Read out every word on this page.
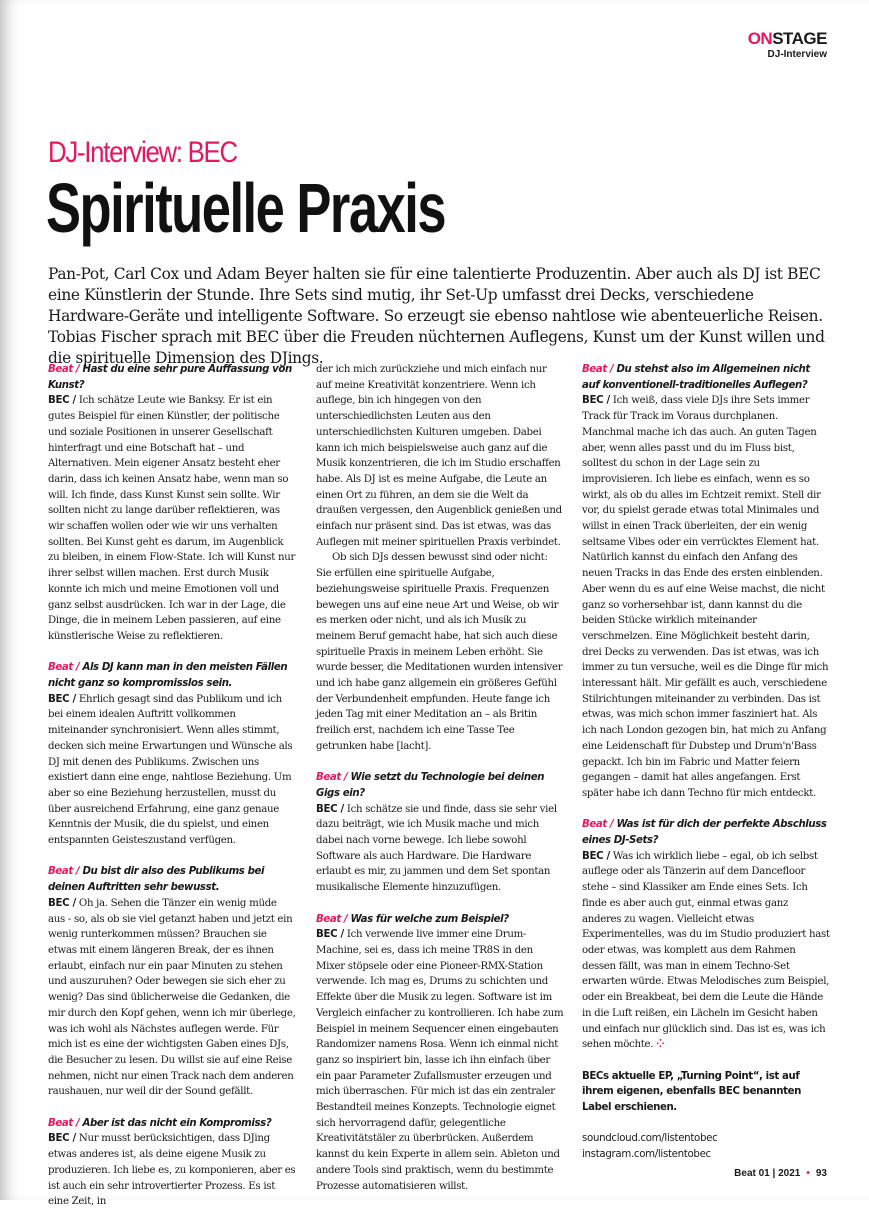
ONSTAGE
DJ-Interview
DJ-Interview: BEC
Spirituelle Praxis

Pan-Pot, Carl Cox und Adam Beyer halten sie für eine talentierte Produzentin. Aber auch als DJ ist BEC eine Künstlerin der Stunde. Ihre Sets sind mutig, ihr Set-Up umfasst drei Decks, verschiedene Hardware-Geräte und intelligente Software. So erzeugt sie ebenso nahtlose wie abenteuerliche Reisen. Tobias Fischer sprach mit BEC über die Freuden nüchternen Auflegens, Kunst um der Kunst willen und die spirituelle Dimension des DJings.

Beat / Hast du eine sehr pure Auffassung von Kunst?

BEC / Ich schätze Leute wie Banksy. Er ist ein gutes Beispiel für einen Künstler, der politische und soziale Positionen in unserer Gesellschaft hinterfragt und eine Botschaft hat – und Alternativen. Mein eigener Ansatz besteht eher darin, dass ich keinen Ansatz habe, wenn man so will. Ich finde, dass Kunst Kunst sein sollte. Wir sollten nicht zu lange darüber reflektieren, was wir schaffen wollen oder wie wir uns verhalten sollten. Bei Kunst geht es darum, im Augenblick zu bleiben, in einem Flow-State. Ich will Kunst nur ihrer selbst willen machen. Erst durch Musik konnte ich mich und meine Emotionen voll und ganz selbst ausdrücken. Ich war in der Lage, die Dinge, die in meinem Leben passieren, auf eine künstlerische Weise zu reflektieren.

Beat / Als DJ kann man in den meisten Fällen nicht ganz so kompromisslos sein.

BEC / Ehrlich gesagt sind das Publikum und ich bei einem idealen Auftritt vollkommen miteinander synchronisiert. Wenn alles stimmt, decken sich meine Erwartungen und Wünsche als DJ mit denen des Publikums. Zwischen uns existiert dann eine enge, nahtlose Beziehung. Um aber so eine Beziehung herzustellen, musst du über ausreichend Erfahrung, eine ganz genaue Kenntnis der Musik, die du spielst, und einen entspannten Geisteszustand verfügen.

Beat / Du bist dir also des Publikums bei deinen Auftritten sehr bewusst.

BEC / Oh ja. Sehen die Tänzer ein wenig müde aus - so, als ob sie viel getanzt haben und jetzt ein wenig runterkommen müssen? Brauchen sie etwas mit einem längeren Break, der es ihnen erlaubt, einfach nur ein paar Minuten zu stehen und auszuruhen? Oder bewegen sie sich eher zu wenig? Das sind üblicherweise die Gedanken, die mir durch den Kopf gehen, wenn ich mir überlege, was ich wohl als Nächstes auflegen werde. Für mich ist es eine der wichtigsten Gaben eines DJs, die Besucher zu lesen. Du willst sie auf eine Reise nehmen, nicht nur einen Track nach dem anderen raushauen, nur weil dir der Sound gefällt.

Beat / Aber ist das nicht ein Kompromiss?

BEC / Nur musst berücksichtigen, dass DJing etwas anderes ist, als deine eigene Musik zu produzieren. Ich liebe es, zu komponieren, aber es ist auch ein sehr introvertierter Prozess. Es ist eine Zeit, in

der ich mich zurückziehe und mich einfach nur auf meine Kreativität konzentriere. Wenn ich auflege, bin ich hingegen von den unterschiedlichsten Leuten aus den unterschiedlichsten Kulturen umgeben. Dabei kann ich mich beispielsweise auch ganz auf die Musik konzentrieren, die ich im Studio erschaffen habe. Als DJ ist es meine Aufgabe, die Leute an einen Ort zu führen, an dem sie die Welt da draußen vergessen, den Augenblick genießen und einfach nur präsent sind. Das ist etwas, was das Auflegen mit meiner spirituellen Praxis verbindet.

Ob sich DJs dessen bewusst sind oder nicht: Sie erfüllen eine spirituelle Aufgabe, beziehungsweise spirituelle Praxis. Frequenzen bewegen uns auf eine neue Art und Weise, ob wir es merken oder nicht, und als ich Musik zu meinem Beruf gemacht habe, hat sich auch diese spirituelle Praxis in meinem Leben erhöht. Sie wurde besser, die Meditationen wurden intensiver und ich habe ganz allgemein ein größeres Gefühl der Verbundenheit empfunden. Heute fange ich jeden Tag mit einer Meditation an – als Britin freilich erst, nachdem ich eine Tasse Tee getrunken habe [lacht].

Beat / Wie setzt du Technologie bei deinen Gigs ein?

BEC / Ich schätze sie und finde, dass sie sehr viel dazu beiträgt, wie ich Musik mache und mich dabei nach vorne bewege. Ich liebe sowohl Software als auch Hardware. Die Hardware erlaubt es mir, zu jammen und dem Set spontan musikalische Elemente hinzuzufügen.

Beat / Was für welche zum Beispiel?

BEC / Ich verwende live immer eine Drum-Machine, sei es, dass ich meine TR8S in den Mixer stöpsele oder eine Pioneer-RMX-Station verwende. Ich mag es, Drums zu schichten und Effekte über die Musik zu legen. Software ist im Vergleich einfacher zu kontrollieren. Ich habe zum Beispiel in meinem Sequencer einen eingebauten Randomizer namens Rosa. Wenn ich einmal nicht ganz so inspiriert bin, lasse ich ihn einfach über ein paar Parameter Zufallsmuster erzeugen und mich überraschen. Für mich ist das ein zentraler Bestandteil meines Konzepts. Technologie eignet sich hervorragend dafür, gelegentliche Kreativitätstäler zu überbrücken. Außerdem kannst du kein Experte in allem sein. Ableton und andere Tools sind praktisch, wenn du bestimmte Prozesse automatisieren willst.

Beat / Du stehst also im Allgemeinen nicht auf konventionell-traditionelles Auflegen?

BEC / Ich weiß, dass viele DJs ihre Sets immer Track für Track im Voraus durchplanen. Manchmal mache ich das auch. An guten Tagen aber, wenn alles passt und du im Fluss bist, solltest du schon in der Lage sein zu improvisieren. Ich liebe es einfach, wenn es so wirkt, als ob du alles im Echtzeit remixt. Stell dir vor, du spielst gerade etwas total Minimales und willst in einen Track überleiten, der ein wenig seltsame Vibes oder ein verrücktes Element hat. Natürlich kannst du einfach den Anfang des neuen Tracks in das Ende des ersten einblenden. Aber wenn du es auf eine Weise machst, die nicht ganz so vorhersehbar ist, dann kannst du die beiden Stücke wirklich miteinander verschmelzen. Eine Möglichkeit besteht darin, drei Decks zu verwenden. Das ist etwas, was ich immer zu tun versuche, weil es die Dinge für mich interessant hält. Mir gefällt es auch, verschiedene Stilrichtungen miteinander zu verbinden. Das ist etwas, was mich schon immer fasziniert hat. Als ich nach London gezogen bin, hat mich zu Anfang eine Leidenschaft für Dubstep und Drum'n'Bass gepackt. Ich bin im Fabric und Matter feiern gegangen – damit hat alles angefangen. Erst später habe ich dann Techno für mich entdeckt.

Beat / Was ist für dich der perfekte Abschluss eines DJ-Sets?

BEC / Was ich wirklich liebe – egal, ob ich selbst auflege oder als Tänzerin auf dem Dancefloor stehe – sind Klassiker am Ende eines Sets. Ich finde es aber auch gut, einmal etwas ganz anderes zu wagen. Vielleicht etwas Experimentelles, was du im Studio produziert hast oder etwas, was komplett aus dem Rahmen dessen fällt, was man in einem Techno-Set erwarten würde. Etwas Melodisches zum Beispiel, oder ein Breakbeat, bei dem die Leute die Hände in die Luft reißen, ein Lächeln im Gesicht haben und einfach nur glücklich sind. Das ist es, was ich sehen möchte. ⁘

BECs aktuelle EP, „Turning Point“, ist auf ihrem eigenen, ebenfalls BEC benannten Label erschienen.

soundcloud.com/listentobec

instagram.com/listentobec

Beat 01 | 2021 • 93
